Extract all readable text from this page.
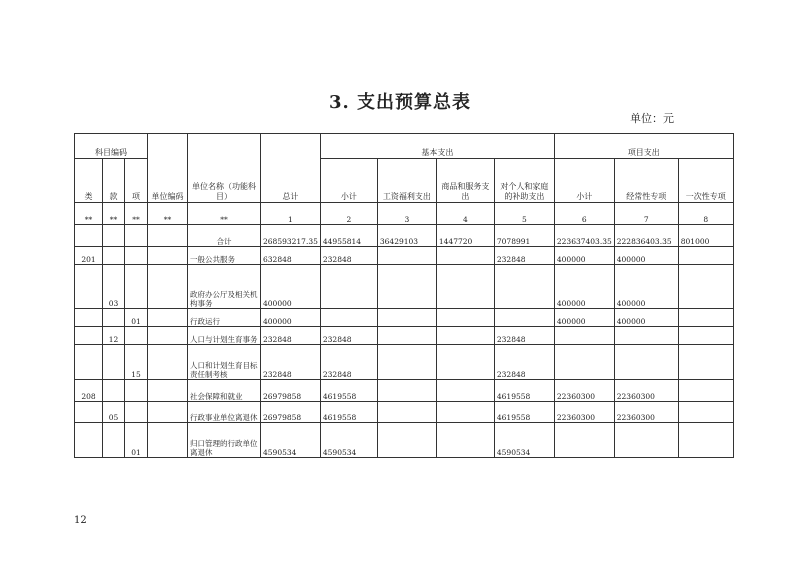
3. 支出预算总表
单位：元
科目编码			单位编码	单位名称（功能科目）	总计	基本支出				项目支出		
类	款	项				小计	工资福利支出	商品和服务支出	对个人和家庭的补助支出	小计	经常性专项	一次性专项
**	**	**	**	**	1	2	3	4	5	6	7	8
				合计	268593217.35	44955814	36429103	1447720	7078991	223637403.35	222836403.35	801000
201				一般公共服务	632848	232848			232848	400000	400000	
	03			政府办公厅及相关机构事务	400000					400000	400000	
		01		行政运行	400000					400000	400000	
	12			人口与计划生育事务	232848	232848			232848			
		15		人口和计划生育目标责任制考核	232848	232848			232848			
208				社会保障和就业	26979858	4619558			4619558	22360300	22360300	
	05			行政事业单位离退休	26979858	4619558			4619558	22360300	22360300	
		01		归口管理的行政单位离退休	4590534	4590534			4590534			
12
